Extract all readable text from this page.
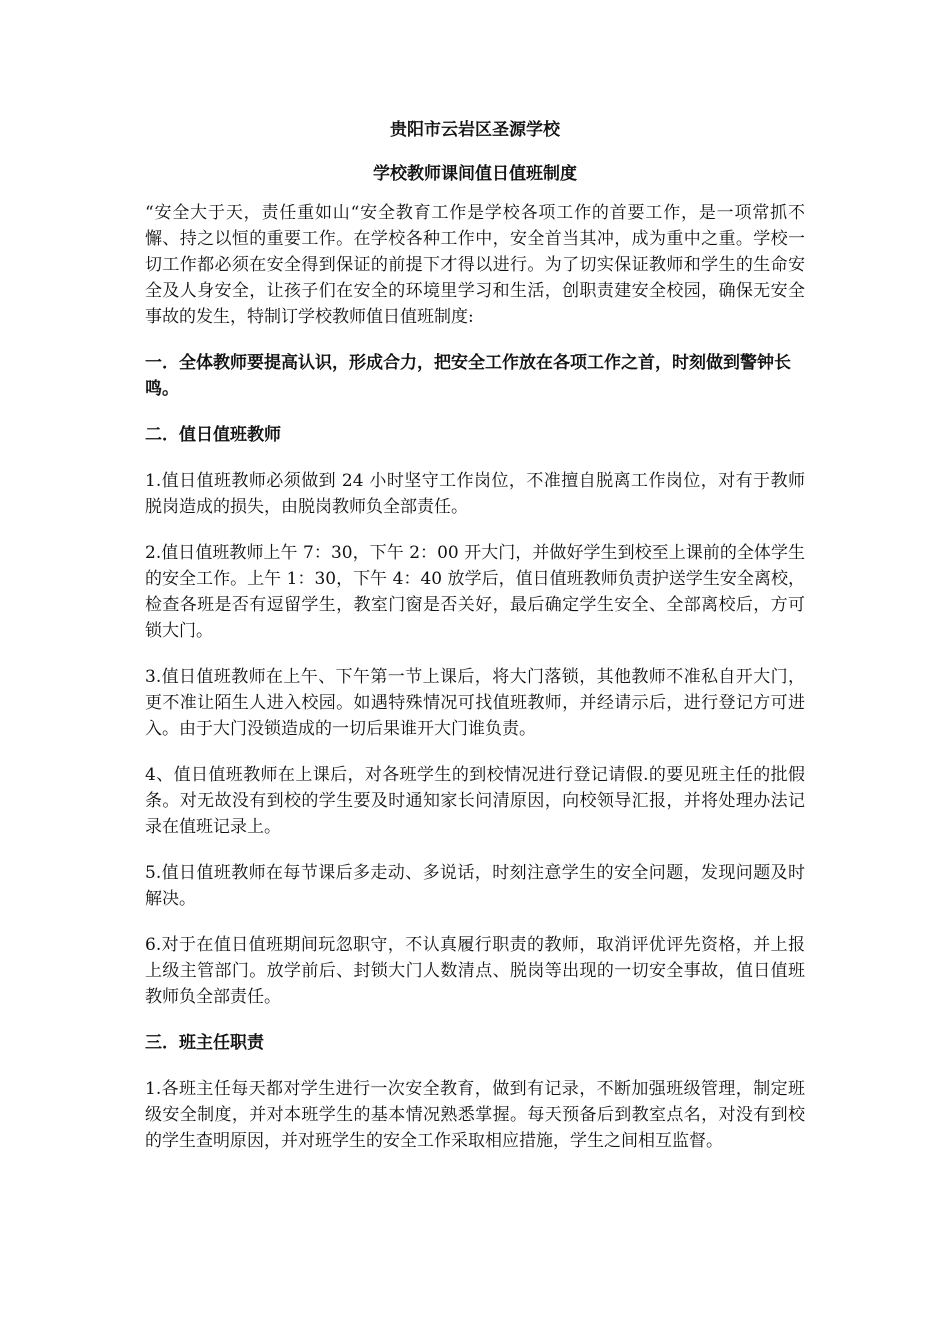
贵阳市云岩区圣源学校
学校教师课间值日值班制度

“安全大于天，责任重如山“安全教育工作是学校各项工作的首要工作，是一项常抓不懈、持之以恒的重要工作。在学校各种工作中，安全首当其冲，成为重中之重。学校一切工作都必须在安全得到保证的前提下才得以进行。为了切实保证教师和学生的生命安全及人身安全，让孩子们在安全的环境里学习和生活，创职责建安全校园，确保无安全事故的发生，特制订学校教师值日值班制度:

一．全体教师要提高认识，形成合力，把安全工作放在各项工作之首，时刻做到警钟长鸣。
二．值日值班教师

1.值日值班教师必须做到 24 小时坚守工作岗位，不准擅自脱离工作岗位，对有于教师脱岗造成的损失，由脱岗教师负全部责任。

2.值日值班教师上午 7：30，下午 2：00 开大门，并做好学生到校至上课前的全体学生的安全工作。上午 1：30，下午 4：40 放学后，值日值班教师负责护送学生安全离校，检查各班是否有逗留学生，教室门窗是否关好，最后确定学生安全、全部离校后，方可锁大门。

3.值日值班教师在上午、下午第一节上课后，将大门落锁，其他教师不准私自开大门，更不准让陌生人进入校园。如遇特殊情况可找值班教师，并经请示后，进行登记方可进入。由于大门没锁造成的一切后果谁开大门谁负责。

4、值日值班教师在上课后，对各班学生的到校情况进行登记请假.的要见班主任的批假条。对无故没有到校的学生要及时通知家长问清原因，向校领导汇报，并将处理办法记录在值班记录上。

5.值日值班教师在每节课后多走动、多说话，时刻注意学生的安全问题，发现问题及时解决。

6.对于在值日值班期间玩忽职守，不认真履行职责的教师，取消评优评先资格，并上报上级主管部门。放学前后、封锁大门人数清点、脱岗等出现的一切安全事故，值日值班教师负全部责任。

三．班主任职责

1.各班主任每天都对学生进行一次安全教育，做到有记录，不断加强班级管理，制定班级安全制度，并对本班学生的基本情况熟悉掌握。每天预备后到教室点名，对没有到校的学生查明原因，并对班学生的安全工作采取相应措施，学生之间相互监督。
